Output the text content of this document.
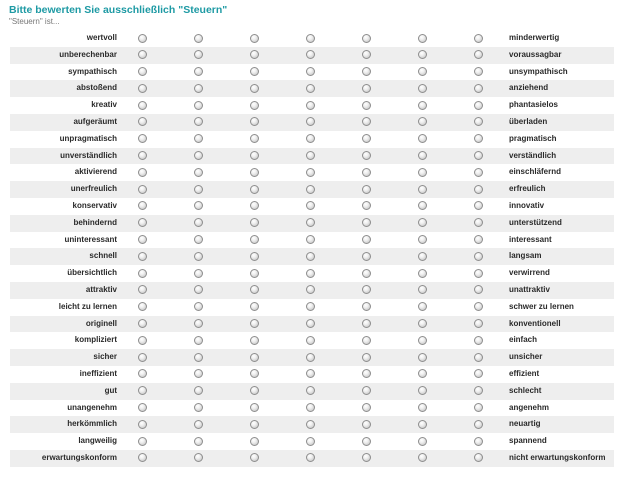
Bitte bewerten Sie ausschließlich "Steuern"
"Steuern" ist...
wertvoll	minderwertig
unberechenbar	voraussagbar
sympathisch	unsympathisch
abstoßend	anziehend
kreativ	phantasielos
aufgeräumt	überladen
unpragmatisch	pragmatisch
unverständlich	verständlich
aktivierend	einschläfernd
unerfreulich	erfreulich
konservativ	innovativ
behindernd	unterstützend
uninteressant	interessant
schnell	langsam
übersichtlich	verwirrend
attraktiv	unattraktiv
leicht zu lernen	schwer zu lernen
originell	konventionell
kompliziert	einfach
sicher	unsicher
ineffizient	effizient
gut	schlecht
unangenehm	angenehm
herkömmlich	neuartig
langweilig	spannend
erwartungskonform	nicht erwartungskonform
